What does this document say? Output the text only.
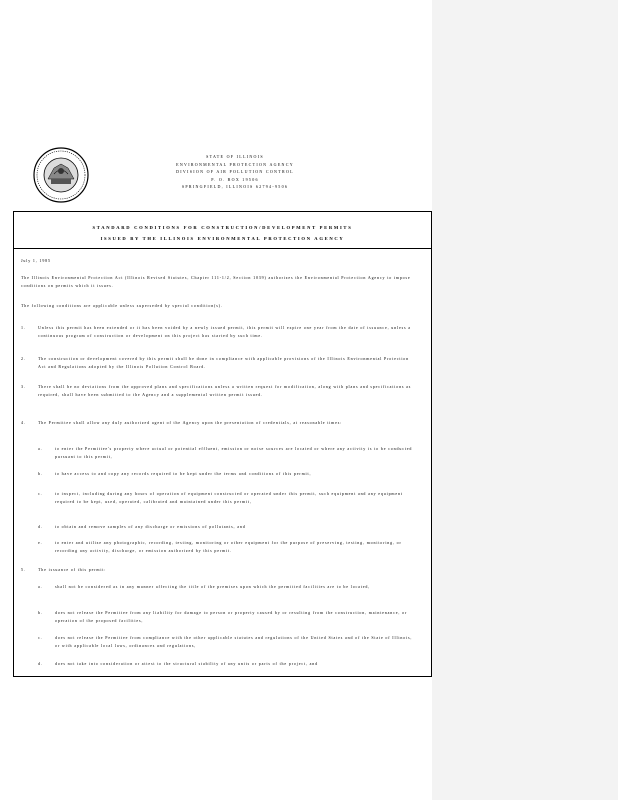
STATE OF ILLINOIS
ENVIRONMENTAL PROTECTION AGENCY
DIVISION OF AIR POLLUTION CONTROL
P. O. BOX 19506
SPRINGFIELD, ILLINOIS 62794-9506
STANDARD CONDITIONS FOR CONSTRUCTION/DEVELOPMENT PERMITS
ISSUED BY THE ILLINOIS ENVIRONMENTAL PROTECTION AGENCY
July 1, 1985
The Illinois Environmental Protection Act (Illinois Revised Statutes, Chapter 111-1/2, Section 1039) authorizes the Environmental Protection Agency to impose conditions on permits which it issues.
The following conditions are applicable unless superseded by special condition(s).
1.	Unless this permit has been extended or it has been voided by a newly issued permit, this permit will expire one year from the date of issuance, unless a continuous program of construction or development on this project has started by such time.
2.	The construction or development covered by this permit shall be done in compliance with applicable provisions of the Illinois Environmental Protection Act and Regulations adopted by the Illinois Pollution Control Board.
3.	There shall be no deviations from the approved plans and specifications unless a written request for modification, along with plans and specifications as required, shall have been submitted to the Agency and a supplemental written permit issued.
4.	The Permittee shall allow any duly authorized agent of the Agency upon the presentation of credentials, at reasonable times:
a.	to enter the Permittee's property where actual or potential effluent, emission or noise sources are located or where any activity is to be conducted pursuant to this permit,
b.	to have access to and copy any records required to be kept under the terms and conditions of this permit,
c.	to inspect, including during any hours of operation of equipment constructed or operated under this permit, such equipment and any equipment required to be kept, used, operated, calibrated and maintained under this permit,
d.	to obtain and remove samples of any discharge or emissions of pollutants, and
e.	to enter and utilize any photographic, recording, testing, monitoring or other equipment for the purpose of preserving, testing, monitoring, or recording any activity, discharge, or emission authorized by this permit.
5.	The issuance of this permit:
a.	shall not be considered as in any manner affecting the title of the premises upon which the permitted facilities are to be located,
b.	does not release the Permittee from any liability for damage to person or property caused by or resulting from the construction, maintenance, or operation of the proposed facilities,
c.	does not release the Permittee from compliance with the other applicable statutes and regulations of the United States and of the State of Illinois, or with applicable local laws, ordinances and regulations,
d.	does not take into consideration or attest to the structural stability of any units or parts of the project, and
